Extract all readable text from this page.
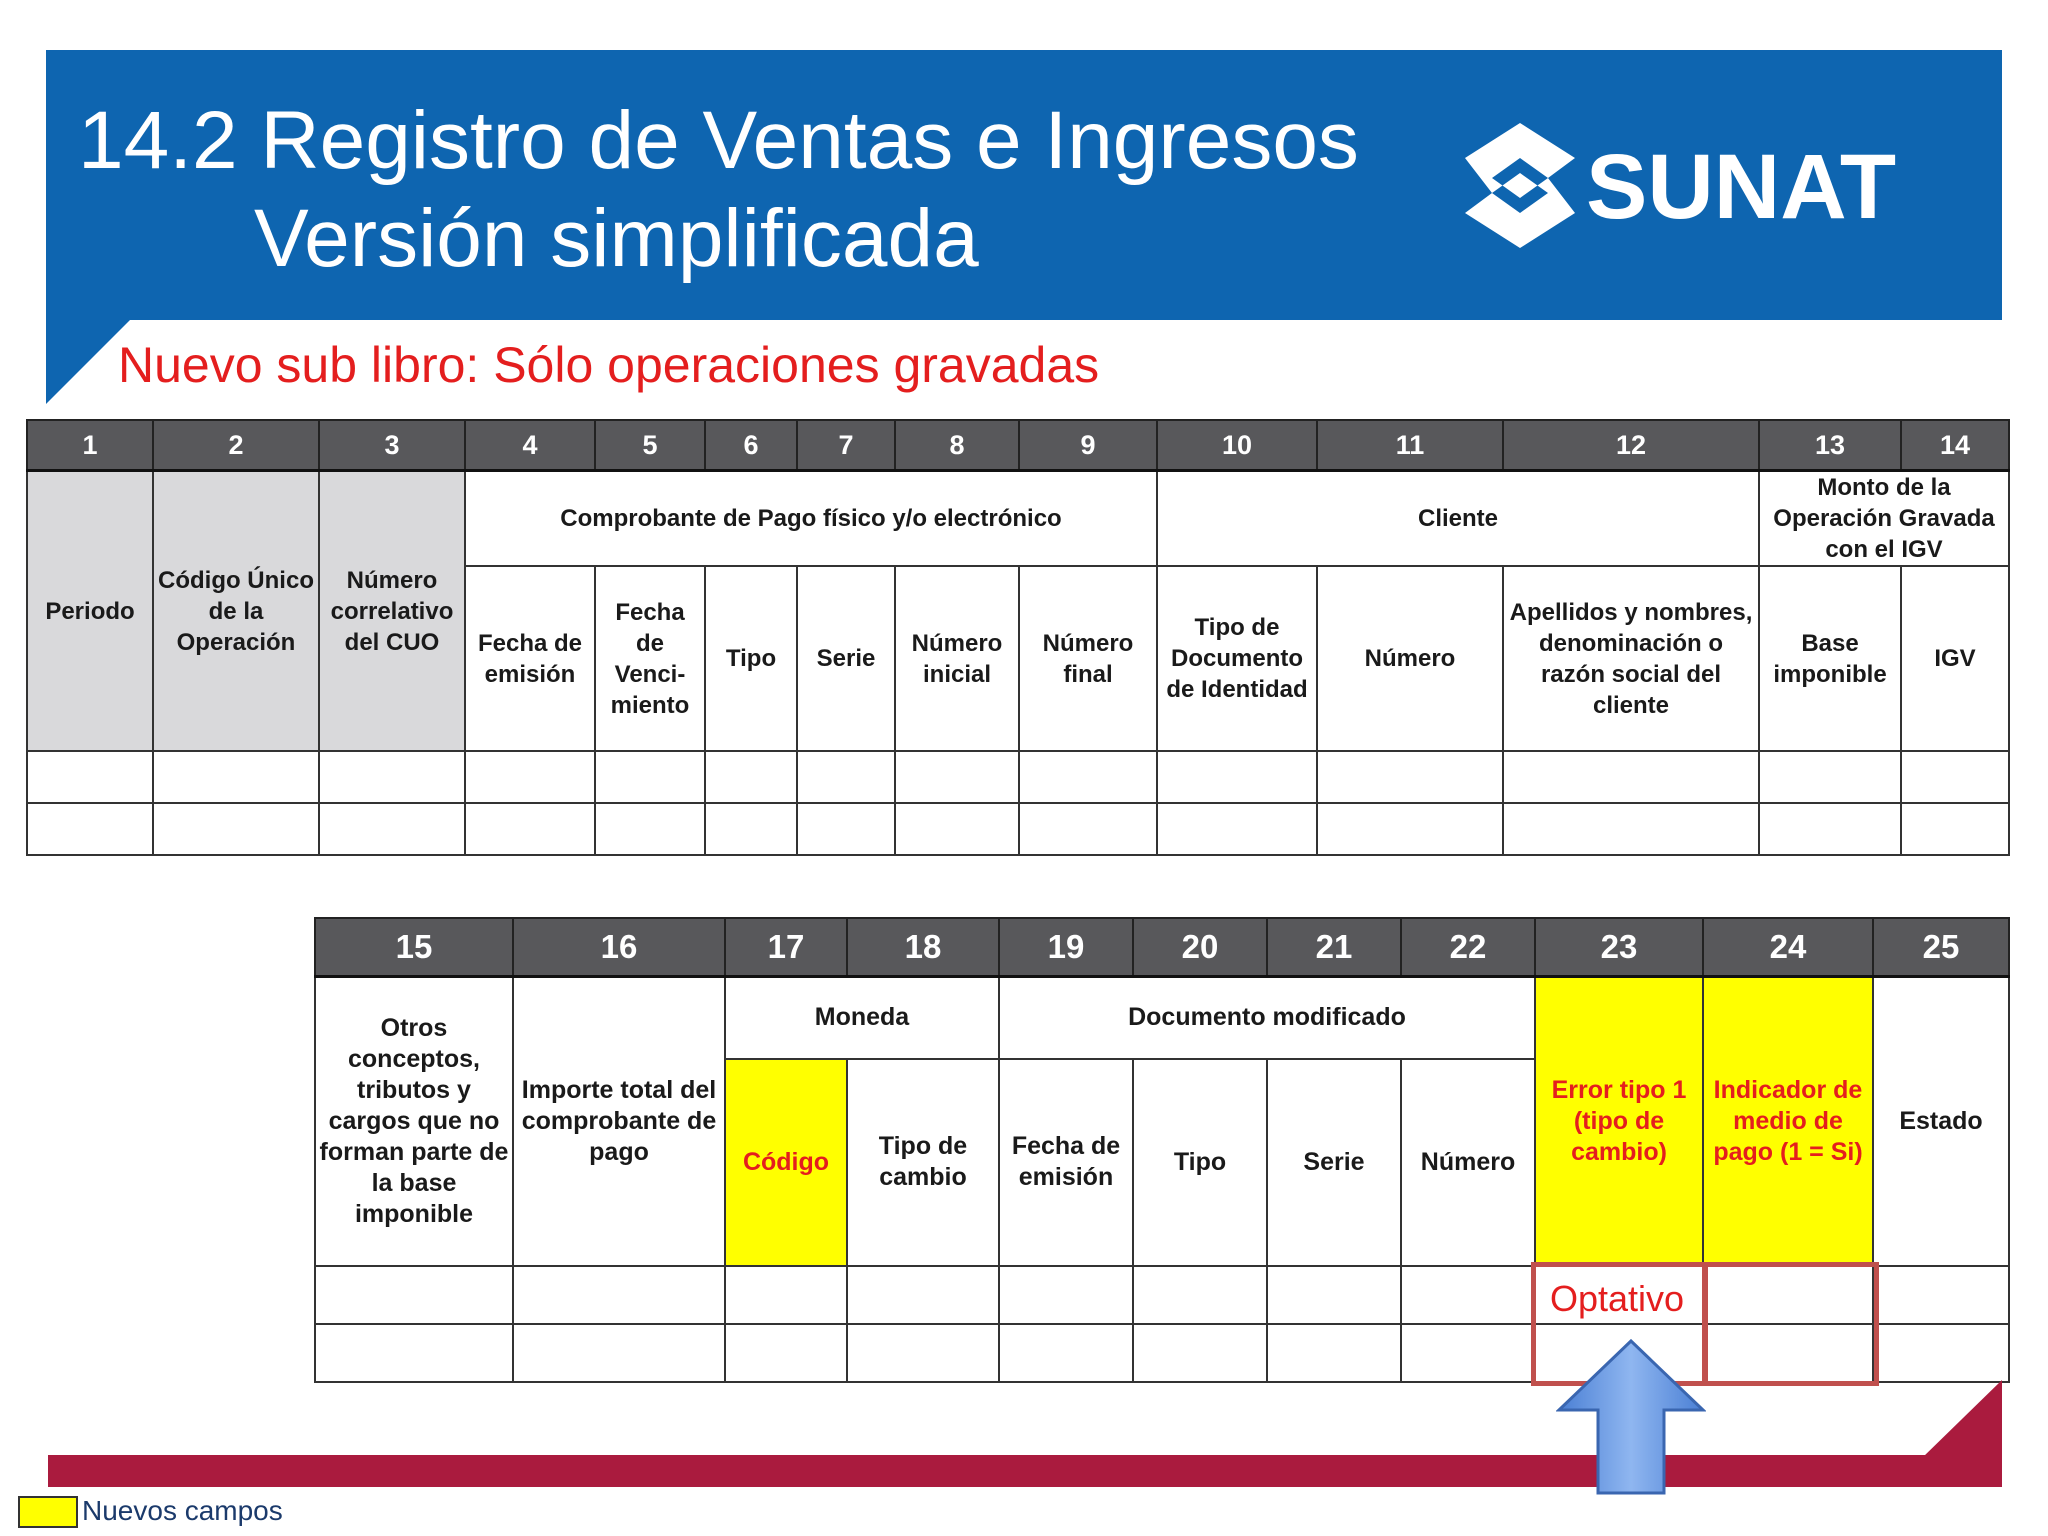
14.2 Registro de Ventas e Ingresos
Versión simplificada
SUNAT
Nuevo sub libro: Sólo operaciones gravadas
1	2	3	4	5	6	7	8	9	10	11	12	13	14
Periodo	Código Único de la Operación	Número correlativo del CUO	Comprobante de Pago físico y/o electrónico						Cliente			Monto de la Operación Gravada con el IGV	
			Fecha de emisión	Fecha de Venci- miento	Tipo	Serie	Número inicial	Número final	Tipo de Documento de Identidad	Número	Apellidos y nombres, denominación o razón social del cliente	Base imponible	IGV

15	16	17	18	19	20	21	22	23	24	25
Otros conceptos, tributos y cargos que no forman parte de la base imponible	Importe total del comprobante de pago	Moneda		Documento modificado				Error tipo 1 (tipo de cambio)	Indicador de medio de pago (1 = Si)	Estado
		Código	Tipo de cambio	Fecha de emisión	Tipo	Serie	Número			

Optativo
Nuevos campos
